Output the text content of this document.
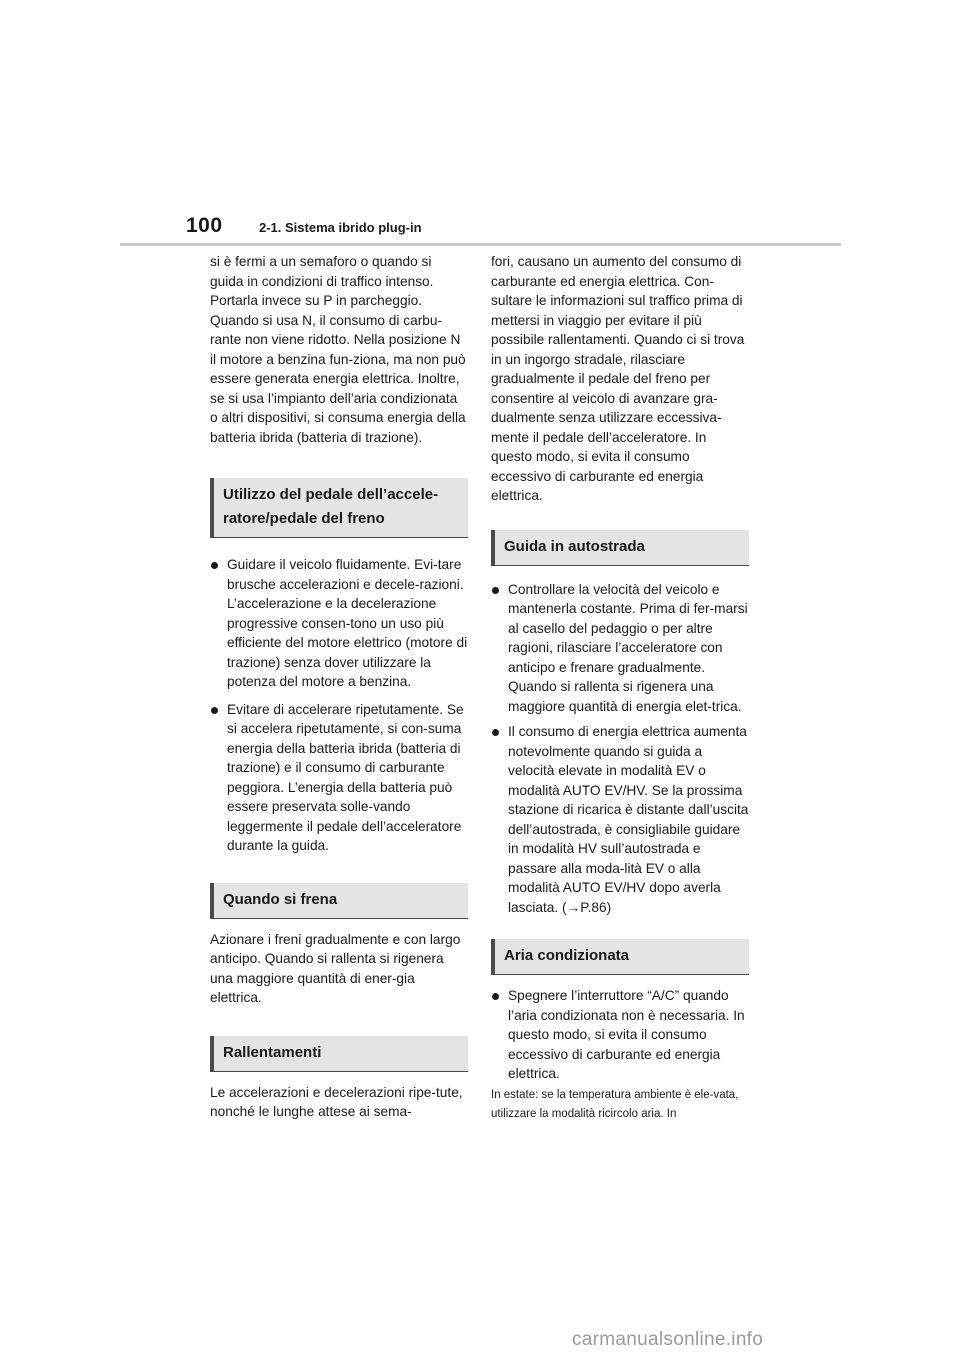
100	2-1. Sistema ibrido plug-in

si è fermi a un semaforo o quando si guida in condizioni di traffico intenso. Portarla invece su P in parcheggio. Quando si usa N, il consumo di carbu-rante non viene ridotto. Nella posizione N il motore a benzina fun-ziona, ma non può essere generata energia elettrica. Inoltre, se si usa l’impianto dell’aria condizionata o altri dispositivi, si consuma energia della batteria ibrida (batteria di trazione).

Utilizzo del pedale dell’accele-ratore/pedale del freno
Guidare il veicolo fluidamente. Evi-tare brusche accelerazioni e decele-razioni. L’accelerazione e la decelerazione progressive consen-tono un uso più efficiente del motore elettrico (motore di trazione) senza dover utilizzare la potenza del motore a benzina.
Evitare di accelerare ripetutamente. Se si accelera ripetutamente, si con-suma energia della batteria ibrida (batteria di trazione) e il consumo di carburante peggiora. L’energia della batteria può essere preservata solle-vando leggermente il pedale dell’acceleratore durante la guida.
Quando si frena

Azionare i freni gradualmente e con largo anticipo. Quando si rallenta si rigenera una maggiore quantità di ener-gia elettrica.

Rallentamenti

Le accelerazioni e decelerazioni ripe-tute, nonché le lunghe attese ai sema-

fori, causano un aumento del consumo di carburante ed energia elettrica. Con-sultare le informazioni sul traffico prima di mettersi in viaggio per evitare il più possibile rallentamenti. Quando ci si trova in un ingorgo stradale, rilasciare gradualmente il pedale del freno per consentire al veicolo di avanzare gra-dualmente senza utilizzare eccessiva-mente il pedale dell’acceleratore. In questo modo, si evita il consumo eccessivo di carburante ed energia elettrica.

Guida in autostrada
Controllare la velocità del veicolo e mantenerla costante. Prima di fer-marsi al casello del pedaggio o per altre ragioni, rilasciare l’acceleratore con anticipo e frenare gradualmente. Quando si rallenta si rigenera una maggiore quantità di energia elet-trica.
Il consumo di energia elettrica aumenta notevolmente quando si guida a velocità elevate in modalità EV o modalità AUTO EV/HV. Se la prossima stazione di ricarica è distante dall’uscita dell’autostrada, è consigliabile guidare in modalità HV sull’autostrada e passare alla moda-lità EV o alla modalità AUTO EV/HV dopo averla lasciata. (→P.86)
Aria condizionata
Spegnere l’interruttore “A/C” quando l’aria condizionata non è necessaria. In questo modo, si evita il consumo eccessivo di carburante ed energia elettrica.

In estate: se la temperatura ambiente è ele-vata, utilizzare la modalità ricircolo aria. In

carmanualsonline.info
